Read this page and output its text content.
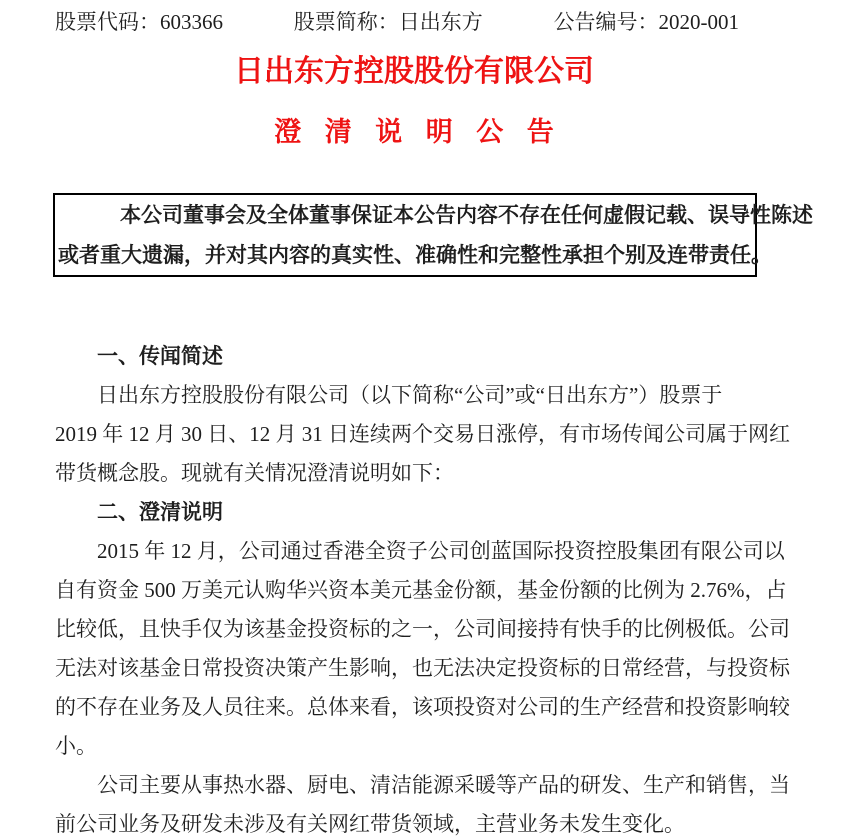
股票代码：603366	股票简称：日出东方	公告编号：2020-001
日出东方控股股份有限公司
澄 清 说 明 公 告
本公司董事会及全体董事保证本公告内容不存在任何虚假记载、误导性陈述
或者重大遗漏，并对其内容的真实性、准确性和完整性承担个别及连带责任。
一、传闻简述
日出东方控股股份有限公司（以下简称“公司”或“日出东方”）股票于
2019 年 12 月 30 日、12 月 31 日连续两个交易日涨停，有市场传闻公司属于网红
带货概念股。现就有关情况澄清说明如下：
二、澄清说明
2015 年 12 月，公司通过香港全资子公司创蓝国际投资控股集团有限公司以
自有资金 500 万美元认购华兴资本美元基金份额，基金份额的比例为 2.76%，占
比较低，且快手仅为该基金投资标的之一，公司间接持有快手的比例极低。公司
无法对该基金日常投资决策产生影响，也无法决定投资标的日常经营，与投资标
的不存在业务及人员往来。总体来看，该项投资对公司的生产经营和投资影响较
小。
公司主要从事热水器、厨电、清洁能源采暖等产品的研发、生产和销售，当
前公司业务及研发未涉及有关网红带货领域，主营业务未发生变化。
